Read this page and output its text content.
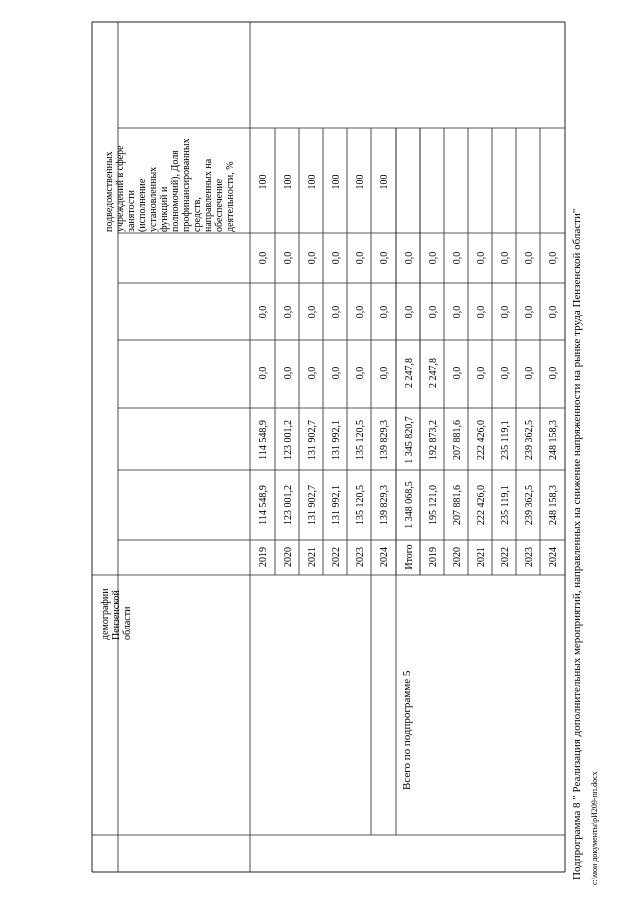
2019
114 548,9
114 548,9
0,0
0,0
0,0
100
2020
123 001,2
123 001,2
0,0
0,0
0,0
100
2021
131 902,7
131 902,7
0,0
0,0
0,0
100
2022
131 992,1
131 992,1
0,0
0,0
0,0
100
2023
135 120,5
135 120,5
0,0
0,0
0,0
100
2024
139 829,3
139 829,3
0,0
0,0
0,0
100
Итого
1 348 068,5
1 345 820,7
2 247,8
0,0
0,0
2019
195 121,0
192 873,2
2 247,8
0,0
0,0
2020
207 881,6
207 881,6
0,0
0,0
0,0
2021
222 426,0
222 426,0
0,0
0,0
0,0
2022
235 119,1
235 119,1
0,0
0,0
0,0
2023
239 362,5
239 362,5
0,0
0,0
0,0
2024
248 158,3
248 158,3
0,0
0,0
0,0
демографииПензенскойобласти
подведомственныхучреждений в сферезанятости(исполнениеустановленныхфункций иполномочий), Доляпрофинансированныхсредств,направленных наобеспечениедеятельности, %
Всего по подпрограмме 5	Подпрограмма 8 " Реализация дополнительных мероприятий, направленных на снижение напряженности на рынке труда Пензенской области" c:\мои документы\рИ209-пп.docx
